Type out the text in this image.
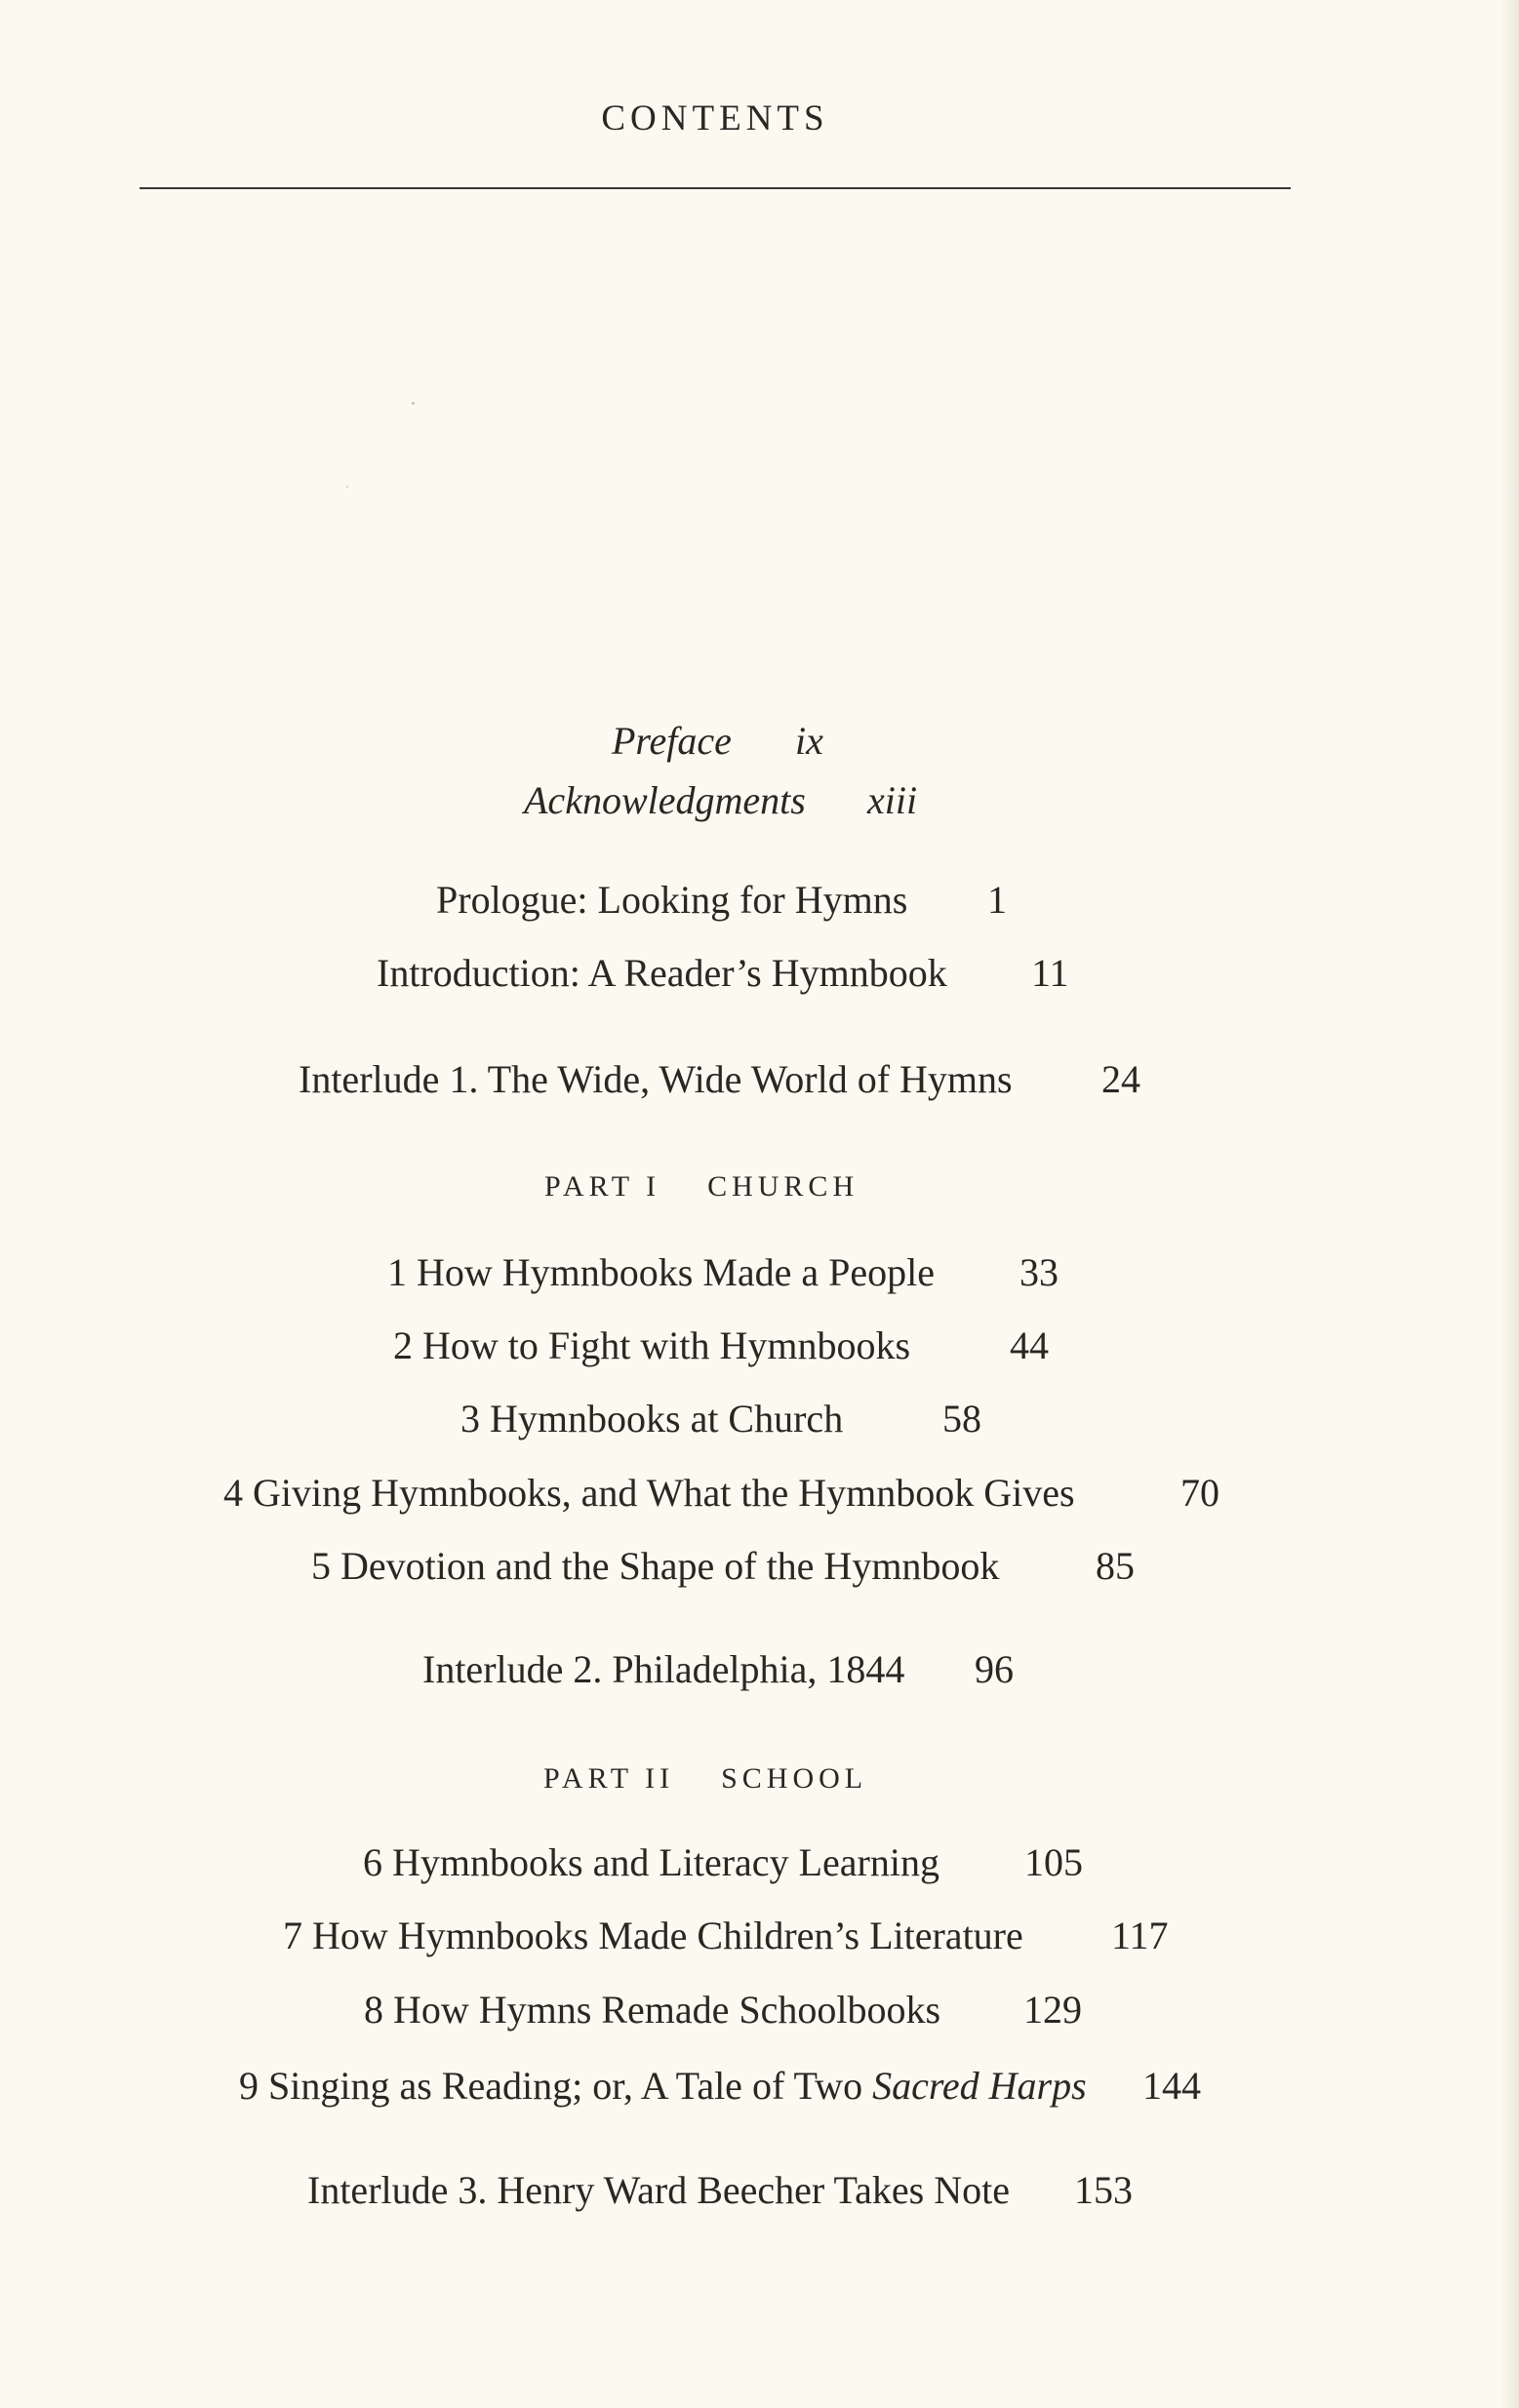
CONTENTS
Preface ix
Acknowledgments xiii
Prologue: Looking for Hymns 1
Introduction: A Reader’s Hymnbook 11
Interlude 1. The Wide, Wide World of Hymns 24
PART I CHURCH
1 How Hymnbooks Made a People 33
2 How to Fight with Hymnbooks	44
3 Hymnbooks at Church	58
4 Giving Hymnbooks, and What the Hymnbook Gives	70
5 Devotion and the Shape of the Hymnbook 85
Interlude 2. Philadelphia, 1844 96
PART II SCHOOL
6 Hymnbooks and Literacy Learning 105
7 How Hymnbooks Made Children’s Literature 117
8 How Hymns Remade Schoolbooks 129
9 Singing as Reading; or, A Tale of Two Sacred Harps 144
Interlude 3. Henry Ward Beecher Takes Note 153
